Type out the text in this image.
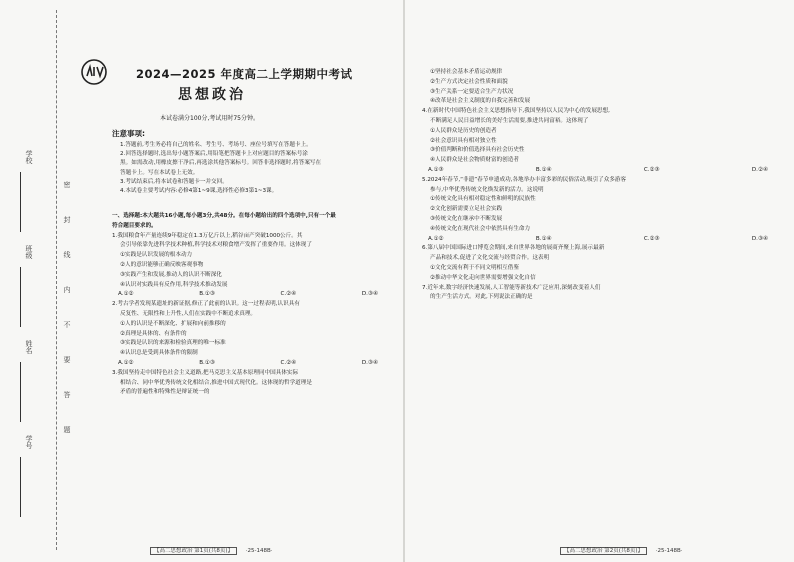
学校
班级
姓名
学号
密
封
线
内
不
要
答
题
2024—2025 年度高二上学期期中考试
思想政治
本试卷满分100分,考试用时75分钟。
注意事项:

1.答题前,考生务必将自己的姓名、考生号、考场号、座位号填写在答题卡上。

2.回答选择题时,选出每小题答案后,用铅笔把答题卡上对应题目的答案标号涂

黑。如需改动,用橡皮擦干净后,再选涂其他答案标号。回答非选择题时,将答案写在

答题卡上。写在本试卷上无效。

3.考试结束后,将本试卷和答题卡一并交回。

4.本试卷主要考试内容:必修4第1~9课,选择性必修3第1~3课。

一、选择题:本大题共16小题,每小题3分,共48分。在每小题给出的四个选项中,只有一个最

符合题目要求的。

1.我国粮食年产量连续9年稳定在1.3万亿斤以上,稻谷亩产突破1000公斤。其

会引导依靠先进科学技术种植,科学技术对粮食增产发挥了重要作用。这体现了

①实践是认识发展的根本动力

②人的意识能够正确反映客观事物

③实践产生和发展,推动人的认识不断深化

④认识对实践具有反作用,科学技术推动发展

A.①②	B.①③	C.②④	D.③④

2.考古学者发现某遗址的新证据,修正了此前的认识。这一过程表明,认识具有

反复性、无限性和上升性,人们在实践中不断追求真理。

①人的认识是不断深化、扩展和向前推移的

②真理是具体的、有条件的

③实践是认识的来源和检验真理的唯一标准

④认识总是受到具体条件的限制

A.①②	B.①③	C.②④	D.③④

3.我国坚持走中国特色社会主义道路,把马克思主义基本原理同中国具体实际

相结合、同中华优秀传统文化相结合,推进中国式现代化。这体现的哲学道理是

矛盾的普遍性和特殊性是辩证统一的

①坚持社会基本矛盾运动规律

②生产方式决定社会性质和面貌

③生产关系一定要适合生产力状况

④改革是社会主义制度的自我完善和发展

4.在新时代中国特色社会主义思想指导下,我国坚持以人民为中心的发展思想,

不断满足人民日益增长的美好生活需要,推进共同富裕。这体现了

①人民群众是历史的创造者

②社会意识具有相对独立性

③价值判断和价值选择具有社会历史性

④人民群众是社会物质财富的创造者

A.①③	B.①④	C.②③	D.②④

5.2024年春节,“非遗”春节申遗成功,各地举办丰富多彩的民俗活动,吸引了众多游客

参与,中华优秀传统文化焕发新的活力。这说明

①传统文化具有相对稳定性和鲜明的民族性

②文化创新需要立足社会实践

③传统文化在继承中不断发展

④传统文化在现代社会中依然具有生命力

A.①②	B.①④	C.②③	D.③④

6.第八届中国国际进口博览会期间,来自世界各地的展商齐聚上海,展示最新

产品和技术,促进了文化交流与经贸合作。这表明

①文化交流有利于不同文明相互借鉴

②推动中华文化走向世界需要增强文化自信

7.近年来,数字经济快速发展,人工智能等新技术广泛应用,深刻改变着人们

的生产生活方式。对此,下列说法正确的是

【高二思想政治 第1页(共8页)】 ·25-148B·	【高二思想政治 第2页(共8页)】 ·25-148B·
